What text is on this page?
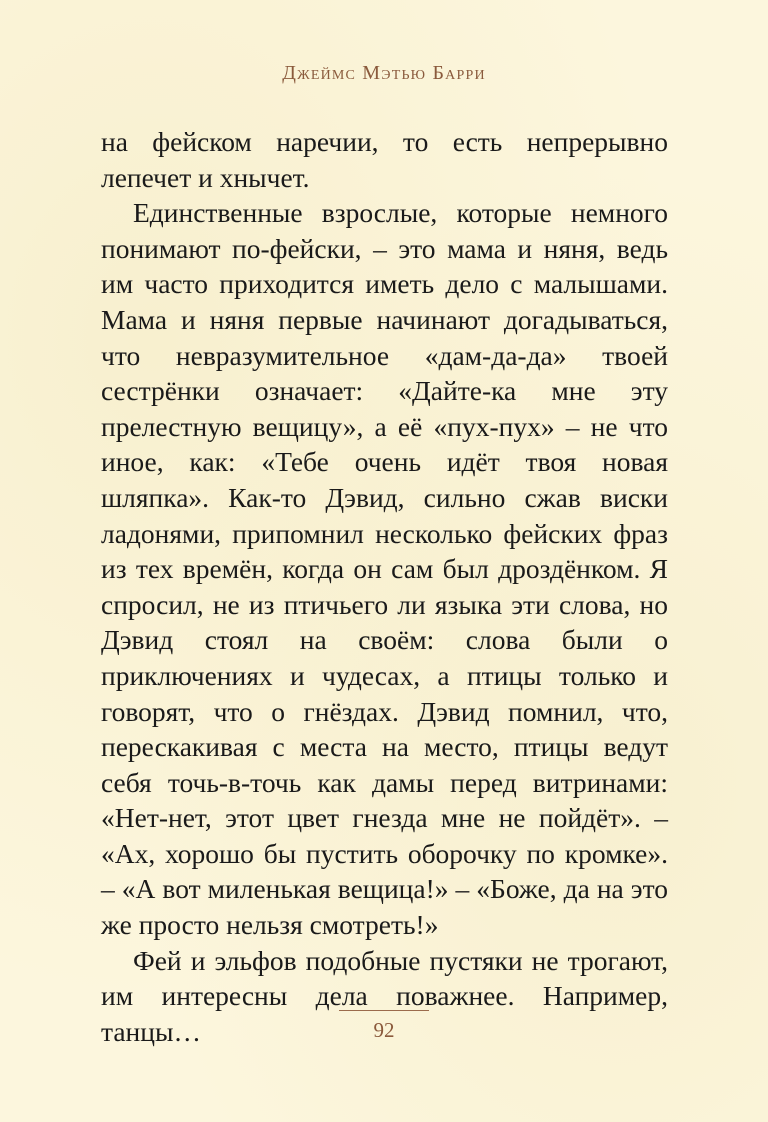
Джеймс Мэтью Барри

на фейском наречии, то есть непрерывно лепечет и хнычет.

Единственные взрослые, которые немного понимают по-фейски, – это мама и няня, ведь им часто приходится иметь дело с малышами. Мама и няня первые начинают догадываться, что невразумительное «дам-да-да» твоей сестрёнки означает: «Дайте-ка мне эту прелестную вещицу», а её «пух-пух» – не что иное, как: «Тебе очень идёт твоя новая шляпка». Как-то Дэвид, сильно сжав виски ладонями, припомнил несколько фейских фраз из тех времён, когда он сам был дроздёнком. Я спросил, не из птичьего ли языка эти слова, но Дэвид стоял на своём: слова были о приключениях и чудесах, а птицы только и говорят, что о гнёздах. Дэвид помнил, что, перескакивая с места на место, птицы ведут себя точь-в-точь как дамы перед витринами: «Нет-нет, этот цвет гнезда мне не пойдёт». – «Ах, хорошо бы пустить оборочку по кромке». – «А вот миленькая вещица!» – «Боже, да на это же просто нельзя смотреть!»

Фей и эльфов подобные пустяки не трогают, им интересны дела поважнее. Например, танцы…	92
